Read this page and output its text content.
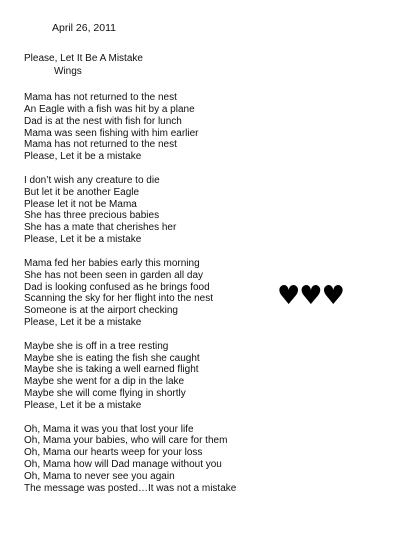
April 26, 2011
Please, Let It Be A Mistake
Wings
Mama has not returned to the nest
An Eagle with a fish was hit by a plane
Dad is at the nest with fish for lunch
Mama was seen fishing with him earlier
Mama has not returned to the nest
Please, Let it be a mistake
I don’t wish any creature to die
But let it be another Eagle
Please let it not be Mama
She has three precious babies
She has a mate that cherishes her
Please, Let it be a mistake
Mama fed her babies early this morning
She has not been seen in garden all day
Dad is looking confused as he brings food
Scanning the sky for her flight into the nest
Someone is at the airport checking
Please, Let it be a mistake
Maybe she is off in a tree resting
Maybe she is eating the fish she caught
Maybe she is taking a well earned flight
Maybe she went for a dip in the lake
Maybe she will come flying in shortly
Please, Let it be a mistake
Oh, Mama it was you that lost your life
Oh, Mama your babies, who will care for them
Oh, Mama our hearts weep for your loss
Oh, Mama how will Dad manage without you
Oh, Mama to never see you again
The message was posted…It was not a mistake
♥♥♥
